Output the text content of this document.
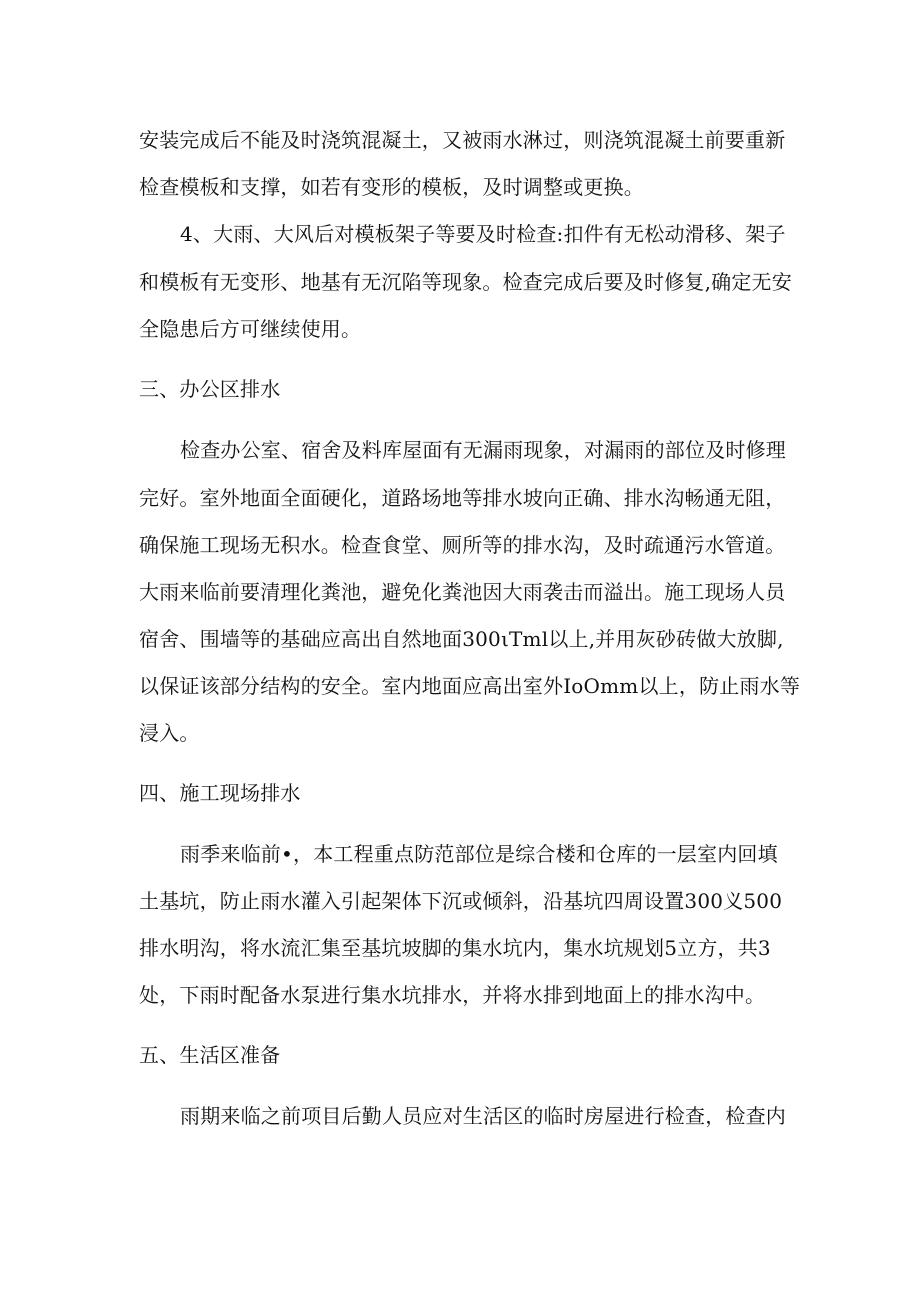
安装完成后不能及时浇筑混凝土，又被雨水淋过，则浇筑混凝土前要重新
检查模板和支撑，如若有变形的模板，及时调整或更换。
4、大雨、大风后对模板架子等要及时检查:扣件有无松动滑移、架子
和模板有无变形、地基有无沉陷等现象。检查完成后要及时修复,确定无安
全隐患后方可继续使用。
三、办公区排水
检查办公室、宿舍及料库屋面有无漏雨现象，对漏雨的部位及时修理
完好。室外地面全面硬化，道路场地等排水坡向正确、排水沟畅通无阻，
确保施工现场无积水。检查食堂、厕所等的排水沟，及时疏通污水管道。
大雨来临前要清理化粪池，避免化粪池因大雨袭击而溢出。施工现场人员
宿舍、围墙等的基础应高出自然地面300ιTml以上,并用灰砂砖做大放脚,
以保证该部分结构的安全。室内地面应高出室外IoOmm以上，防止雨水等
浸入。
四、施工现场排水
雨季来临前•，本工程重点防范部位是综合楼和仓库的一层室内回填
土基坑，防止雨水灌入引起架体下沉或倾斜，沿基坑四周设置300义500
排水明沟，将水流汇集至基坑坡脚的集水坑内，集水坑规划5立方，共3
处，下雨时配备水泵进行集水坑排水，并将水排到地面上的排水沟中。
五、生活区准备
雨期来临之前项目后勤人员应对生活区的临时房屋进行检查，检查内
